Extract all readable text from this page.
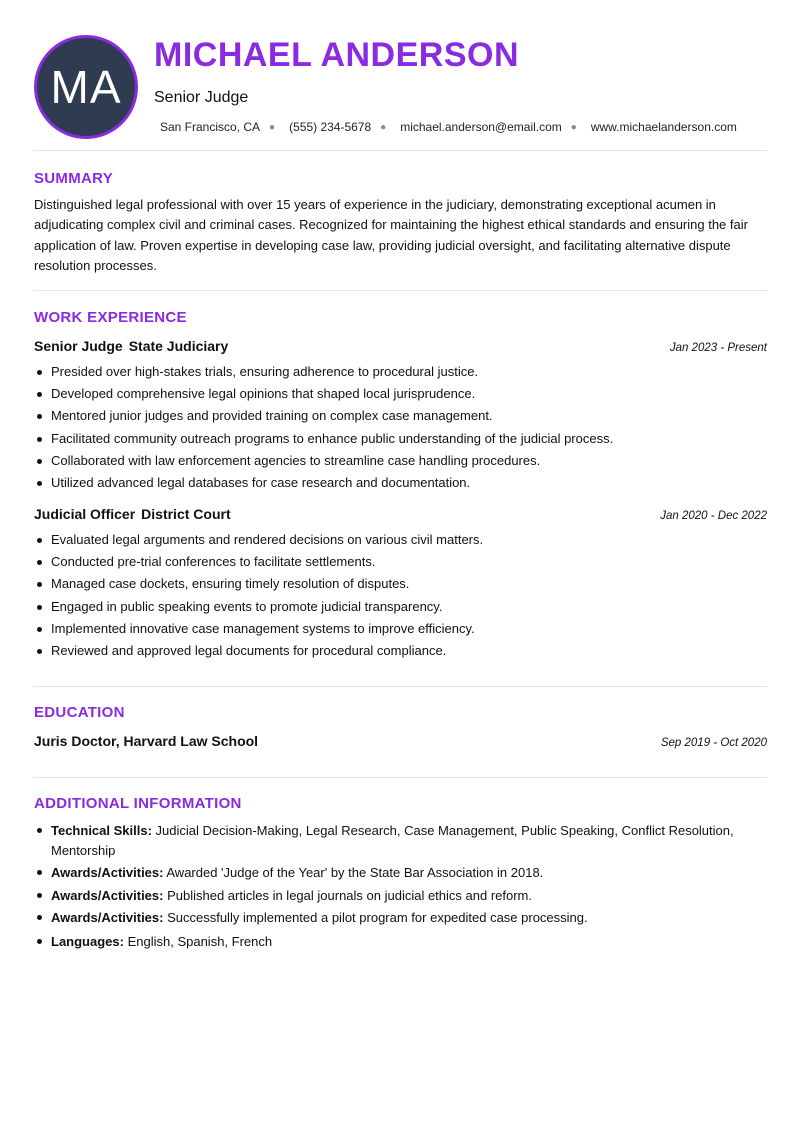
MA
MICHAEL ANDERSON
Senior Judge
San Francisco, CA ● (555) 234-5678 ● michael.anderson@email.com ● www.michaelanderson.com
SUMMARY

Distinguished legal professional with over 15 years of experience in the judiciary, demonstrating exceptional acumen in adjudicating complex civil and criminal cases. Recognized for maintaining the highest ethical standards and ensuring the fair application of law. Proven expertise in developing case law, providing judicial oversight, and facilitating alternative dispute resolution processes.

WORK EXPERIENCE
Senior Judge State Judiciary	Jan 2023 - Present
Presided over high-stakes trials, ensuring adherence to procedural justice.
Developed comprehensive legal opinions that shaped local jurisprudence.
Mentored junior judges and provided training on complex case management.
Facilitated community outreach programs to enhance public understanding of the judicial process.
Collaborated with law enforcement agencies to streamline case handling procedures.
Utilized advanced legal databases for case research and documentation.
Judicial Officer District Court	Jan 2020 - Dec 2022
Evaluated legal arguments and rendered decisions on various civil matters.
Conducted pre-trial conferences to facilitate settlements.
Managed case dockets, ensuring timely resolution of disputes.
Engaged in public speaking events to promote judicial transparency.
Implemented innovative case management systems to improve efficiency.
Reviewed and approved legal documents for procedural compliance.
EDUCATION
Juris Doctor, Harvard Law School	Sep 2019 - Oct 2020
ADDITIONAL INFORMATION
Technical Skills: Judicial Decision-Making, Legal Research, Case Management, Public Speaking, Conflict Resolution, Mentorship
Awards/Activities: Awarded 'Judge of the Year' by the State Bar Association in 2018.
Awards/Activities: Published articles in legal journals on judicial ethics and reform.
Awards/Activities: Successfully implemented a pilot program for expedited case processing.
Languages: English, Spanish, French
